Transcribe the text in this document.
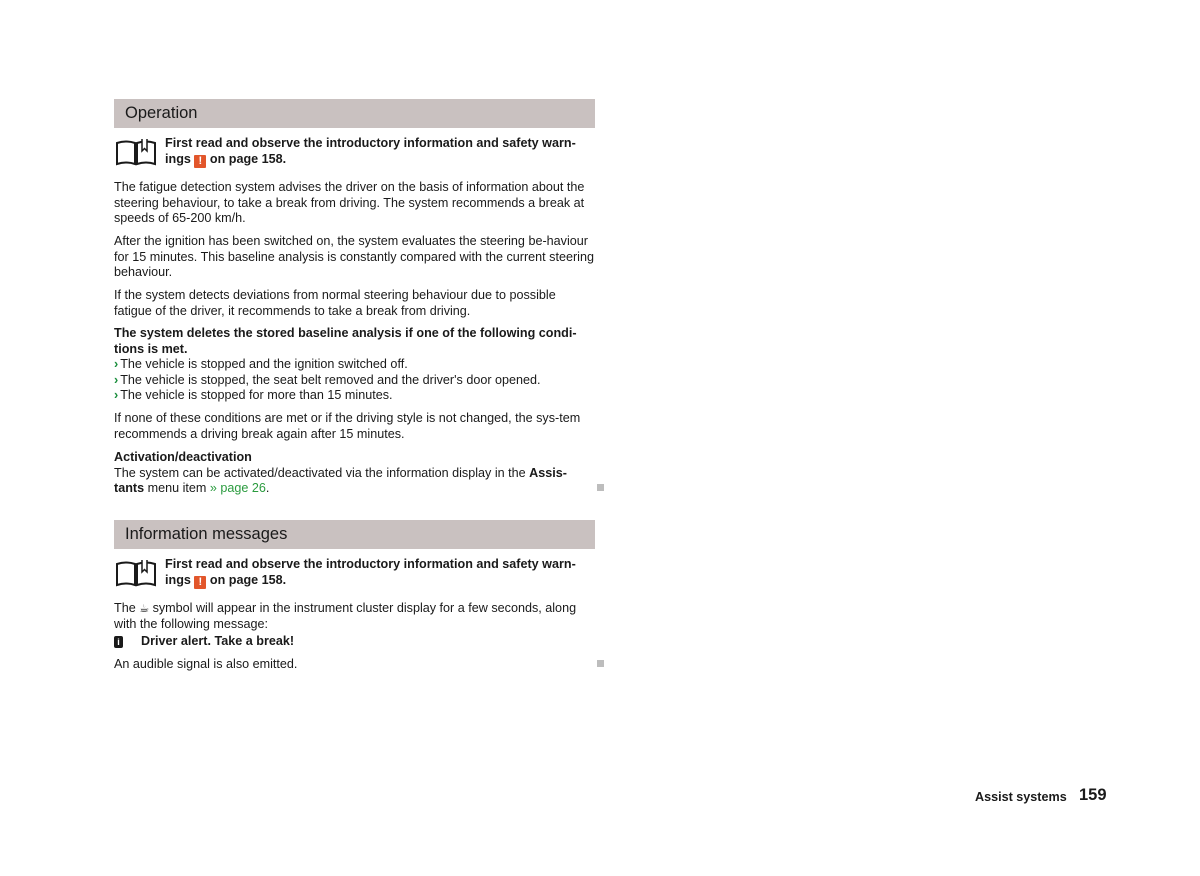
Operation
First read and observe the introductory information and safety warn-
ings ! on page 158.

The fatigue detection system advises the driver on the basis of information about the steering behaviour, to take a break from driving. The system recommends a break at speeds of 65-200 km/h.

After the ignition has been switched on, the system evaluates the steering be-haviour for 15 minutes. This baseline analysis is constantly compared with the current steering behaviour.

If the system detects deviations from normal steering behaviour due to possible fatigue of the driver, it recommends to take a break from driving.

The system deletes the stored baseline analysis if one of the following condi-tions is met.

› The vehicle is stopped and the ignition switched off.

› The vehicle is stopped, the seat belt removed and the driver's door opened.

› The vehicle is stopped for more than 15 minutes.

If none of these conditions are met or if the driving style is not changed, the sys-tem recommends a driving break again after 15 minutes.

Activation/deactivation

The system can be activated/deactivated via the information display in the Assis-tants menu item » page 26.

Information messages
First read and observe the introductory information and safety warn-
ings ! on page 158.

The ☕ symbol will appear in the instrument cluster display for a few seconds, along with the following message:

i Driver alert. Take a break!

An audible signal is also emitted.

Assist systems 159
